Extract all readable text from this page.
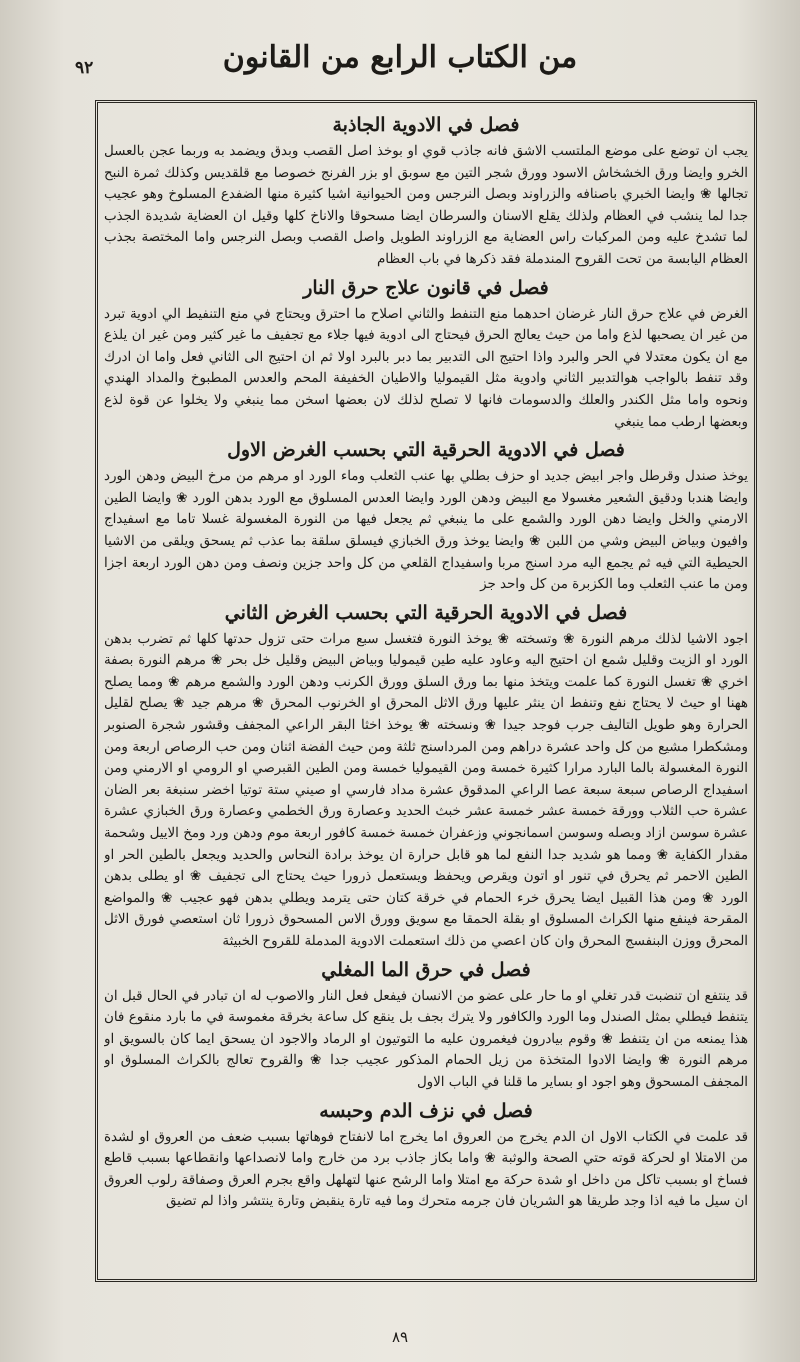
٩٢	من الكتاب الرابع من القانون
فصل في الادوية الجاذبة

يجب ان توضع على موضع الملتسب الاشق فانه جاذب قوي او بوخذ اصل القصب وبدق ويضمد به وربما عجن بالعسل الخرو وايضا ورق الخشخاش الاسود وورق شجر التين مع سوبق او بزر الفرنج خصوصا مع قلقديس وكذلك ثمرة النبح تجالها ❀ وايضا الخبري باصنافه والزراوند وبصل النرجس ومن الحيوانية اشيا كثيرة منها الضفدع المسلوخ وهو عجيب جدا لما ينشب في العظام ولذلك يقلع الاسنان والسرطان ايضا مسحوقا والاناخ كلها وقيل ان العضاية شديدة الجذب لما تشدخ عليه ومن المركبات راس العضاية مع الزراوند الطويل واصل القصب وبصل النرجس واما المختصة بجذب العظام اليابسة من تحت القروح المندملة فقد ذكرها في باب العظام

فصل في قانون علاج حرق النار

الغرض في علاج حرق النار غرضان احدهما منع التنفط والثاني اصلاح ما احترق ويحتاج في منع التنفيط الي ادوية تبرد من غير ان يصحبها لذع واما من حيث يعالج الحرق فيحتاج الى ادوية فيها جلاء مع تجفيف ما غير كثير ومن غير ان يلذع مع ان يكون معتدلا في الحر والبرد واذا احتيج الى التدبير بما دبر بالبرد اولا ثم ان احتيج الى الثاني فعل واما ان ادرك وقد تنفط بالواجب هوالتدبير الثاني وادوية مثل القيموليا والاطيان الخفيفة المحم والعدس المطبوخ والمداد الهندي ونحوه واما مثل الكندر والعلك والدسومات فانها لا تصلح لذلك لان بعضها اسخن مما ينبغي ولا يخلوا عن قوة لذع وبعضها ارطب مما ينبغي

فصل في الادوية الحرقية التي بحسب الغرض الاول

يوخذ صندل وقرطل واجر ابيض جديد او حزف بطلي بها عنب الثعلب وماء الورد او مرهم من مرخ البيض ودهن الورد وايضا هندبا ودقيق الشعير مغسولا مع البيض ودهن الورد وايضا العدس المسلوق مع الورد بدهن الورد ❀ وايضا الطين الارمني والخل وايضا دهن الورد والشمع على ما ينبغي ثم يجعل فيها من النورة المغسولة غسلا تاما مع اسفيداج وافيون وبياض البيض وشي من اللبن ❀ وايضا يوخذ ورق الخبازي فيسلق سلقة بما عذب ثم يسحق ويلقى من الاشيا الحيطية التي فيه ثم يجمع اليه مرد اسنج مربا واسفيداج القلعي من كل واحد جزين ونصف ومن دهن الورد اربعة اجزا ومن ما عنب الثعلب وما الكزبرة من كل واحد جز

فصل في الادوية الحرقية التي بحسب الغرض الثاني

اجود الاشيا لذلك مرهم النورة ❀ وتسخته ❀ يوخذ النورة فتغسل سبع مرات حتى تزول حدتها كلها ثم تضرب بدهن الورد او الزيت وقليل شمع ان احتيج اليه وعاود عليه طين قيموليا وبياض البيض وقليل خل بحر ❀ مرهم النورة بصفة اخري ❀ تغسل النورة كما علمت ويتخذ منها بما ورق السلق وورق الكرنب ودهن الورد والشمع مرهم ❀ ومما يصلح ههنا او حيث لا يحتاج نفع وتنفط ان ينثر عليها ورق الاثل المحرق او الخرنوب المحرق ❀ مرهم جيد ❀ يصلح لقليل الحرارة وهو طويل التاليف جرب فوجد جيدا ❀ ونسخته ❀ يوخذ اخثا البقر الراعي المجفف وقشور شجرة الصنوبر ومشكطرا مشيع من كل واحد عشرة دراهم ومن المرداسنج ثلثة ومن حيث الفضة اثنان ومن حب الرصاص اربعة ومن النورة المغسولة بالما البارد مرارا كثيرة خمسة ومن القيموليا خمسة ومن الطين القبرصي او الرومي او الارمني ومن اسفيداج الرصاص سبعة سبعة عصا الراعي المدقوق عشرة مداد فارسي او صيني ستة توتيا اخضر سنبغة بعر الضان عشرة حب الثلاب وورقة خمسة عشر خمسة عشر خبث الحديد وعصارة ورق الخطمي وعصارة ورق الخبازي عشرة عشرة سوسن ازاد وبصله وسوسن اسمانجوني وزعفران خمسة خمسة كافور اربعة موم ودهن ورد ومخ الاييل وشحمة مقدار الكفاية ❀ ومما هو شديد جدا النفع لما هو قابل حرارة ان يوخذ برادة النحاس والحديد ويجعل بالطين الحر او الطين الاحمر ثم يحرق في تنور او اتون ويقرص ويحفظ ويستعمل ذرورا حيث يحتاج الى تجفيف ❀ او يطلى بدهن الورد ❀ ومن هذا القبيل ايضا يحرق خرء الحمام في خرقة كتان حتى يترمد ويطلي بدهن فهو عجيب ❀ والمواضع المقرحة فينفع منها الكراث المسلوق او بقلة الحمقا مع سويق وورق الاس المسحوق ذرورا ثان استعصي فورق الاثل المحرق ووزن البنفسج المحرق وان كان اعصي من ذلك استعملت الادوية المدملة للقروح الخبيثة

فصل في حرق الما المغلي

قد ينتفع ان تنضبت قدر تغلي او ما حار على عضو من الانسان فيفعل فعل النار والاصوب له ان تبادر في الحال قبل ان يتنفط فيطلي بمثل الصندل وما الورد والكافور ولا يترك بجف بل ينقع كل ساعة بخرقة مغموسة في ما بارد منقوع فان هذا يمنعه من ان يتنفط ❀ وقوم بيادرون فيغمرون عليه ما التوتيون او الرماد والاجود ان يسحق ايما كان بالسويق او مرهم النورة ❀ وايضا الادوا المتخذة من زيل الحمام المذكور عجيب جدا ❀ والقروح تعالج بالكراث المسلوق او المجفف المسحوق وهو اجود او بساير ما قلنا في الباب الاول

فصل في نزف الدم وحبسه

قد علمت في الكتاب الاول ان الدم يخرج من العروق اما يخرج اما لانفتاح فوهاتها بسبب ضعف من العروق او لشدة من الامتلا او لحركة قوته حتي الصحة والوثبة ❀ واما بكاز جاذب برد من خارج واما لانصداعها وانقطاعها بسبب قاطع فساخ او بسبب تاكل من داخل او شدة حركة مع امتلا واما الرشح عنها لتهلهل واقع بجرم العرق وصفاقة رلوب العروق ان سيل ما فيه اذا وجد طريقا هو الشريان فان جرمه متحرك وما فيه تارة ينقبض وتارة ينتشر واذا لم تضيق

٨٩
